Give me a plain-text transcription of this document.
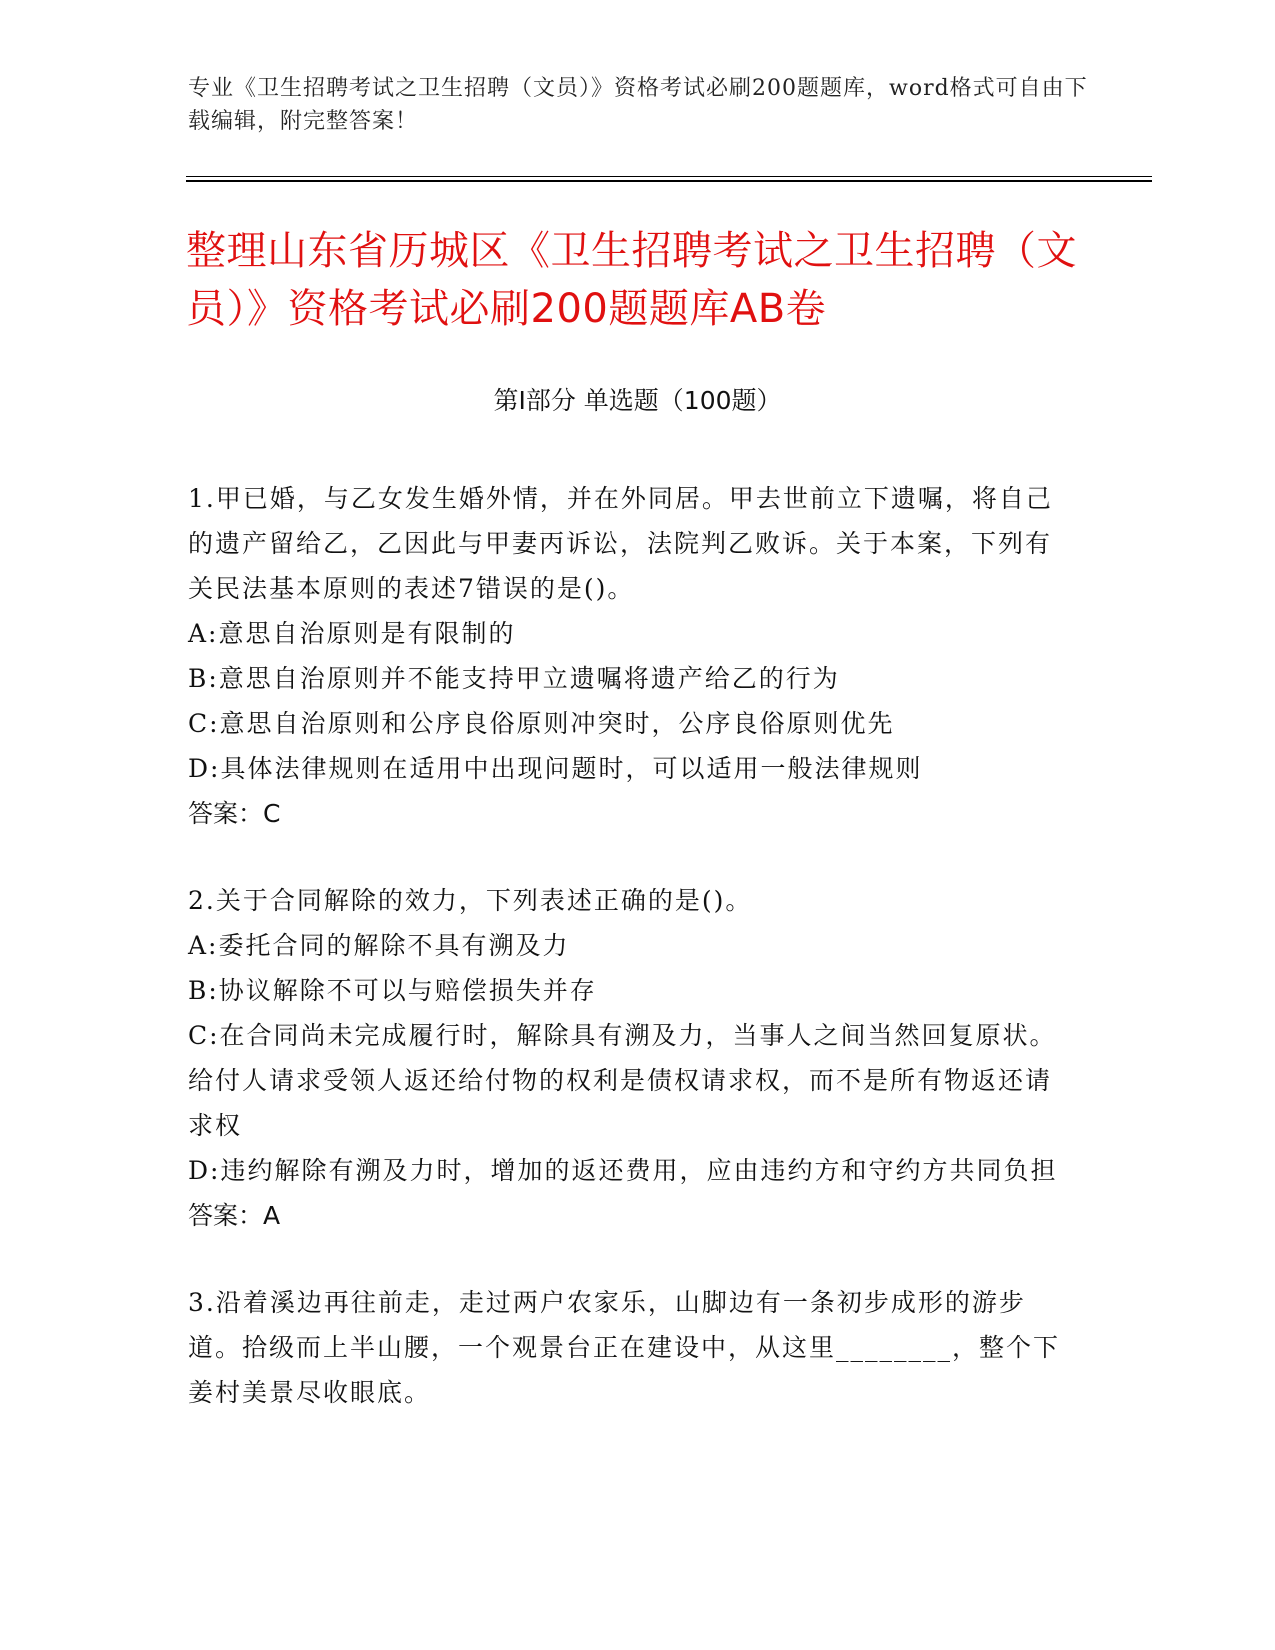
专业《卫生招聘考试之卫生招聘（文员）》资格考试必刷200题题库，word格式可自由下载编辑，附完整答案！
整理山东省历城区《卫生招聘考试之卫生招聘（文员）》资格考试必刷200题题库AB卷
第I部分 单选题（100题）

1.甲已婚，与乙女发生婚外情，并在外同居。甲去世前立下遗嘱，将自己的遗产留给乙，乙因此与甲妻丙诉讼，法院判乙败诉。关于本案，下列有关民法基本原则的表述7错误的是()。

A:意思自治原则是有限制的

B:意思自治原则并不能支持甲立遗嘱将遗产给乙的行为

C:意思自治原则和公序良俗原则冲突时，公序良俗原则优先

D:具体法律规则在适用中出现问题时，可以适用一般法律规则

答案：C

2.关于合同解除的效力，下列表述正确的是()。

A:委托合同的解除不具有溯及力

B:协议解除不可以与赔偿损失并存

C:在合同尚未完成履行时，解除具有溯及力，当事人之间当然回复原状。给付人请求受领人返还给付物的权利是债权请求权，而不是所有物返还请求权

D:违约解除有溯及力时，增加的返还费用，应由违约方和守约方共同负担

答案：A

3.沿着溪边再往前走，走过两户农家乐，山脚边有一条初步成形的游步道。拾级而上半山腰，一个观景台正在建设中，从这里________，整个下姜村美景尽收眼底。
